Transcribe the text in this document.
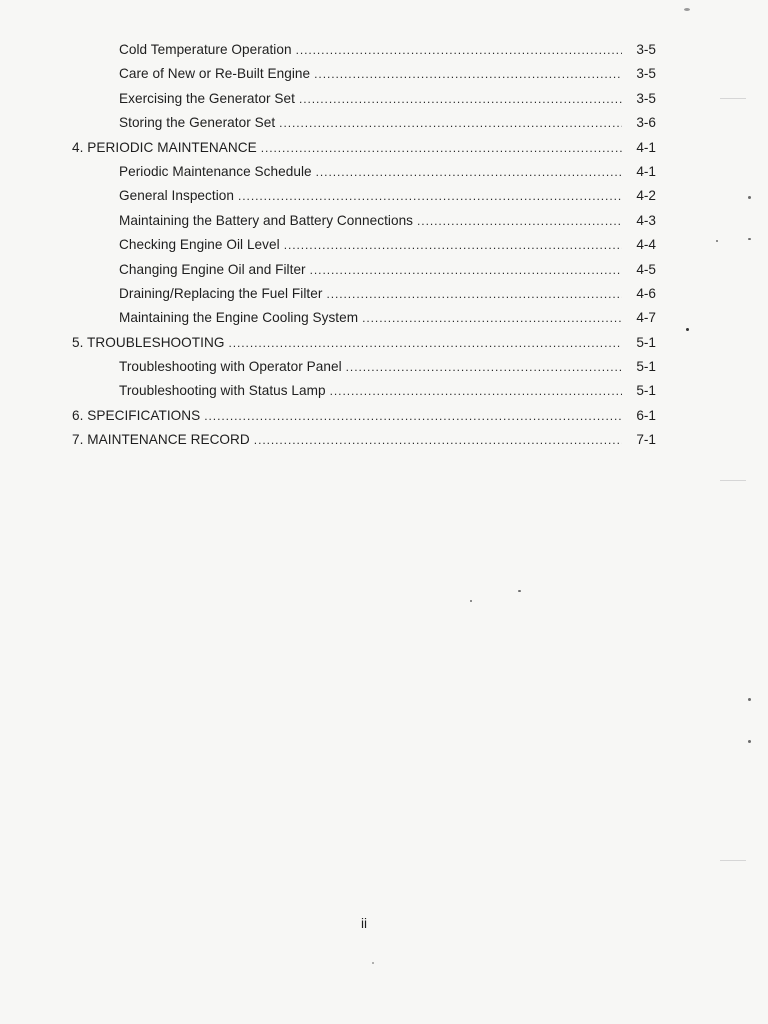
Cold Temperature Operation . . .	3-5
Care of New or Re-Built Engine . . .	3-5
Exercising the Generator Set . . .	3-5
Storing the Generator Set . . .	3-6
4. PERIODIC MAINTENANCE . . .	4-1
Periodic Maintenance Schedule . . .	4-1
General Inspection . . .	4-2
Maintaining the Battery and Battery Connections . . .	4-3
Checking Engine Oil Level . . .	4-4
Changing Engine Oil and Filter . . .	4-5
Draining/Replacing the Fuel Filter . . .	4-6
Maintaining the Engine Cooling System . . .	4-7
5. TROUBLESHOOTING . . .	5-1
Troubleshooting with Operator Panel . . .	5-1
Troubleshooting with Status Lamp . . .	5-1
6. SPECIFICATIONS . . .	6-1
7. MAINTENANCE RECORD . . .	7-1
ii
